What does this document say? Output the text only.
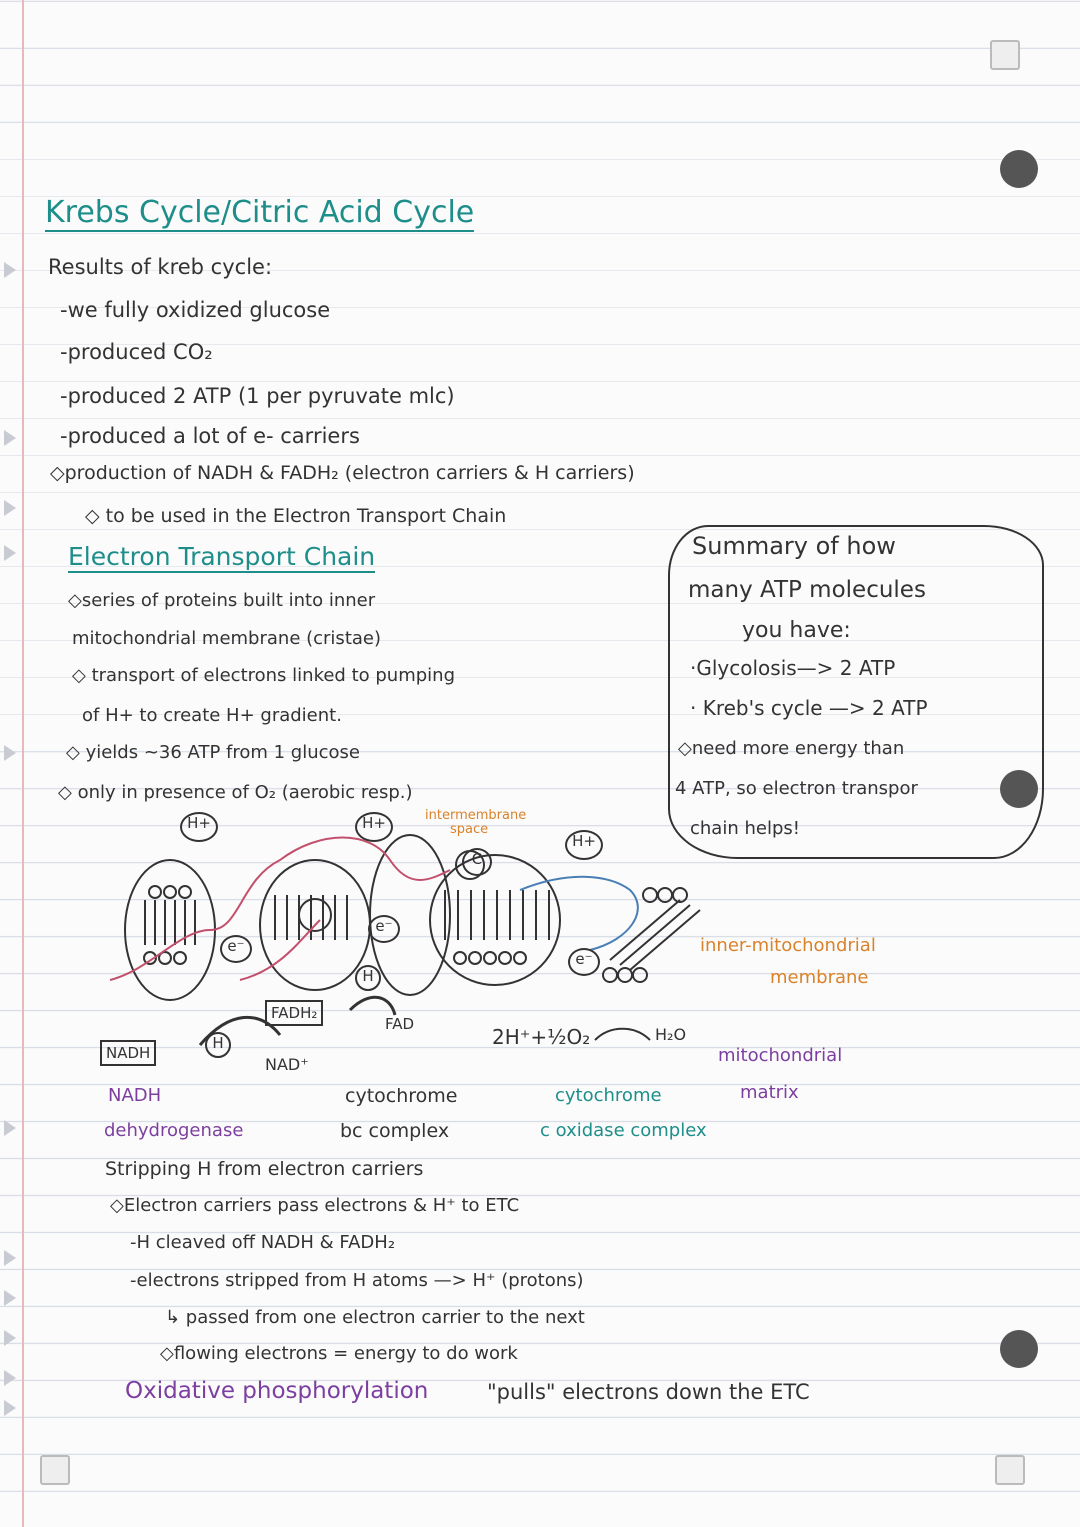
Krebs Cycle/Citric Acid Cycle
Results of kreb cycle:
-we fully oxidized glucose
-produced CO₂
-produced 2 ATP (1 per pyruvate mlc)
-produced a lot of e- carriers
◇production of NADH & FADH₂ (electron carriers & H carriers)
◇ to be used in the Electron Transport Chain
Electron Transport Chain
◇series of proteins built into inner
mitochondrial membrane (cristae)
◇ transport of electrons linked to pumping
of H+ to create H+ gradient.
◇ yields ~36 ATP from 1 glucose
◇ only in presence of O₂ (aerobic resp.)
Summary of how
many ATP molecules
you have:
·Glycolosis—> 2 ATP
· Kreb's cycle —> 2 ATP
◇need more energy than
4 ATP, so electron transpor
chain helps!
H+	H+
H+
intermembrane
space
C
e⁻
e⁻
e⁻
H
H
FADH₂
FAD
NADH
NAD⁺
2H⁺+½O₂	H₂O
inner-mitochondrial
membrane
mitochondrial
matrix
NADH
dehydrogenase
cytochrome
bc complex
cytochrome
c oxidase complex
Stripping H from electron carriers
◇Electron carriers pass electrons & H⁺ to ETC
-H cleaved off NADH & FADH₂
-electrons stripped from H atoms —> H⁺ (protons)
↳ passed from one electron carrier to the next
◇flowing electrons = energy to do work
Oxidative phosphorylation	"pulls" electrons down the ETC
